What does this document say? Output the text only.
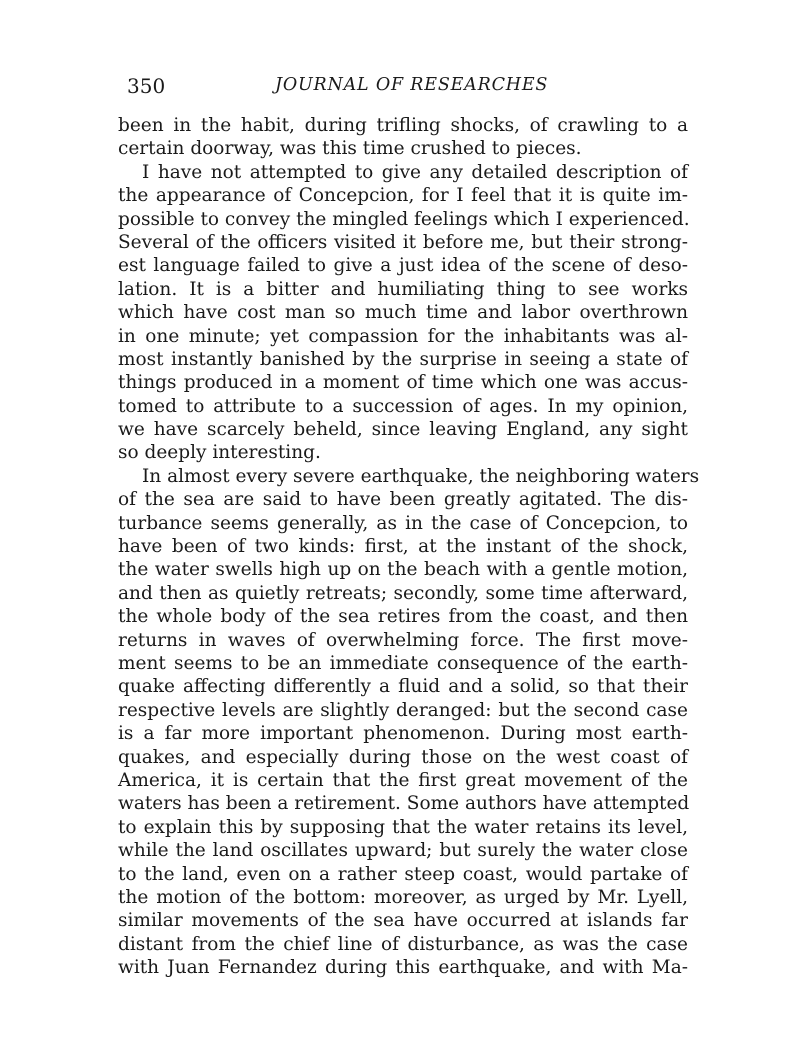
350	JOURNAL OF RESEARCHES
been in the habit, during trifling shocks, of crawling to a
certain doorway, was this time crushed to pieces.
I have not attempted to give any detailed description of
the appearance of Concepcion, for I feel that it is quite im-
possible to convey the mingled feelings which I experienced.
Several of the officers visited it before me, but their strong-
est language failed to give a just idea of the scene of deso-
lation. It is a bitter and humiliating thing to see works
which have cost man so much time and labor overthrown
in one minute; yet compassion for the inhabitants was al-
most instantly banished by the surprise in seeing a state of
things produced in a moment of time which one was accus-
tomed to attribute to a succession of ages. In my opinion,
we have scarcely beheld, since leaving England, any sight
so deeply interesting.
In almost every severe earthquake, the neighboring waters
of the sea are said to have been greatly agitated. The dis-
turbance seems generally, as in the case of Concepcion, to
have been of two kinds: first, at the instant of the shock,
the water swells high up on the beach with a gentle motion,
and then as quietly retreats; secondly, some time afterward,
the whole body of the sea retires from the coast, and then
returns in waves of overwhelming force. The first move-
ment seems to be an immediate consequence of the earth-
quake affecting differently a fluid and a solid, so that their
respective levels are slightly deranged: but the second case
is a far more important phenomenon. During most earth-
quakes, and especially during those on the west coast of
America, it is certain that the first great movement of the
waters has been a retirement. Some authors have attempted
to explain this by supposing that the water retains its level,
while the land oscillates upward; but surely the water close
to the land, even on a rather steep coast, would partake of
the motion of the bottom: moreover, as urged by Mr. Lyell,
similar movements of the sea have occurred at islands far
distant from the chief line of disturbance, as was the case
with Juan Fernandez during this earthquake, and with Ma-
